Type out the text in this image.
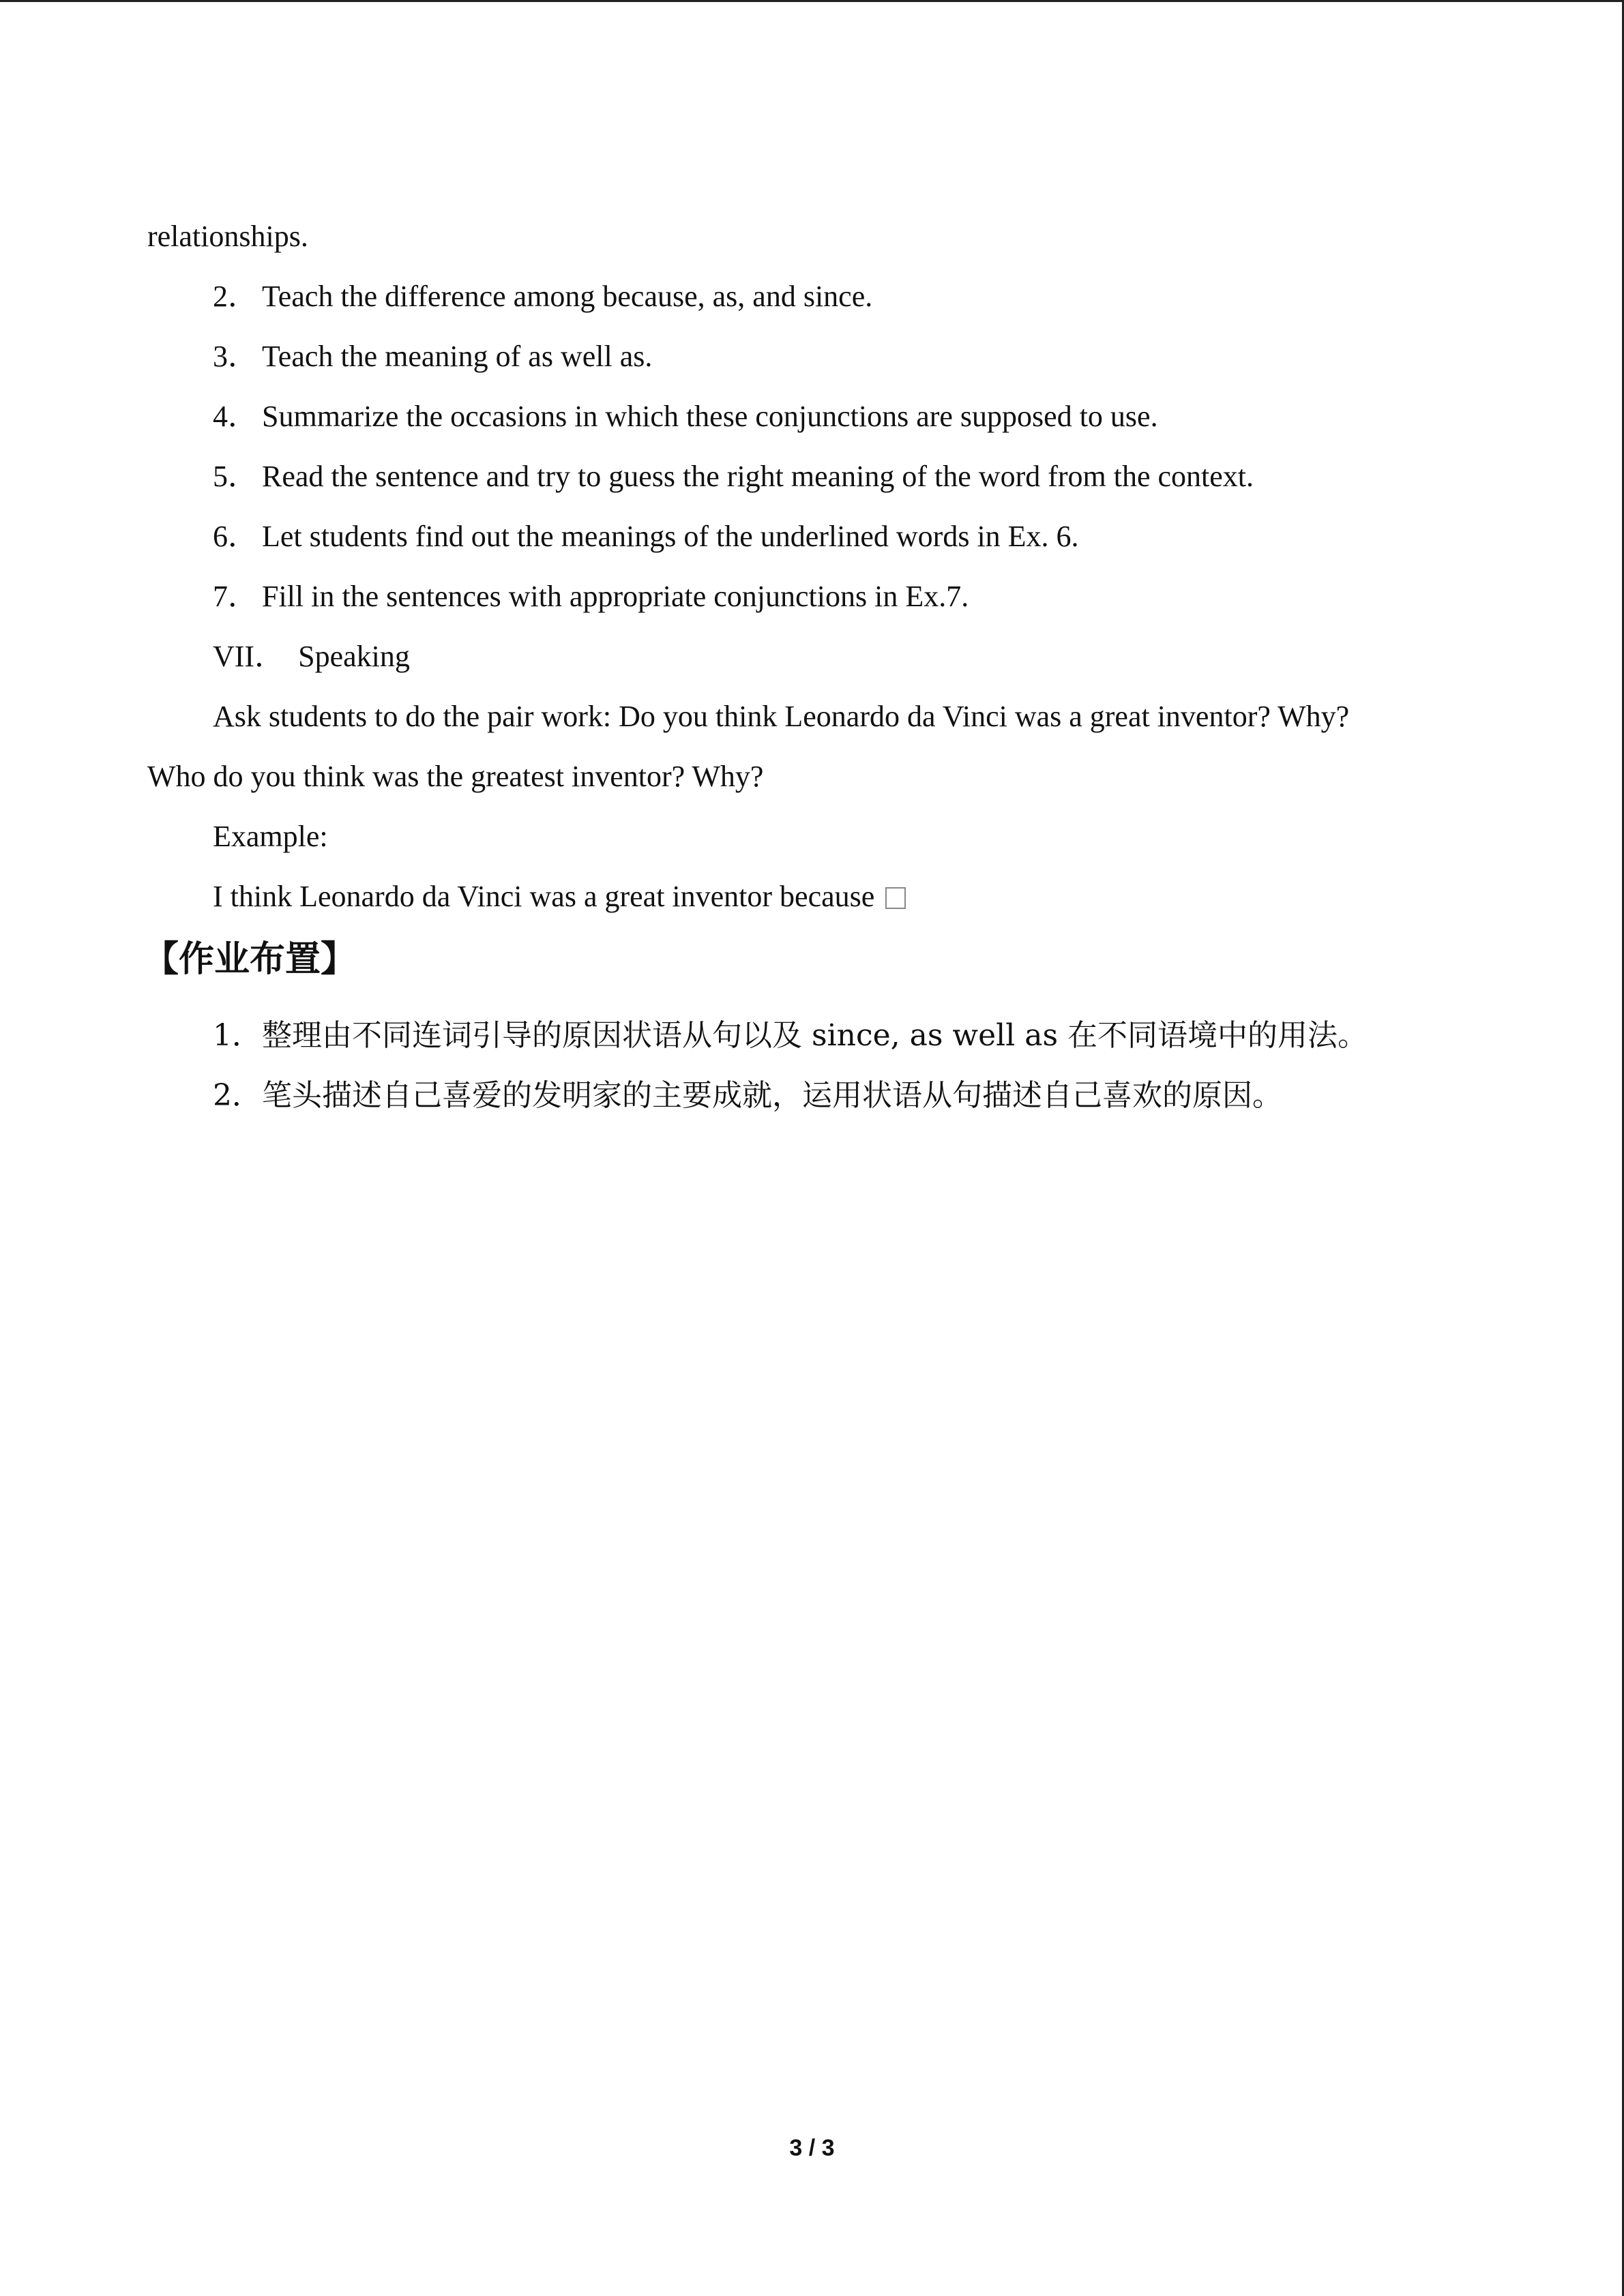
relationships.
2． Teach the difference among because, as, and since.
3． Teach the meaning of as well as.
4． Summarize the occasions in which these conjunctions are supposed to use.
5． Read the sentence and try to guess the right meaning of the word from the context.
6． Let students find out the meanings of the underlined words in Ex. 6.
7． Fill in the sentences with appropriate conjunctions in Ex.7.
VII． Speaking
Ask students to do the pair work: Do you think Leonardo da Vinci was a great inventor? Why?
Who do you think was the greatest inventor? Why?
Example:
I think Leonardo da Vinci was a great inventor because
【作业布置】
1．整理由不同连词引导的原因状语从句以及 since, as well as 在不同语境中的用法。
2．笔头描述自己喜爱的发明家的主要成就，运用状语从句描述自己喜欢的原因。
3 / 3
